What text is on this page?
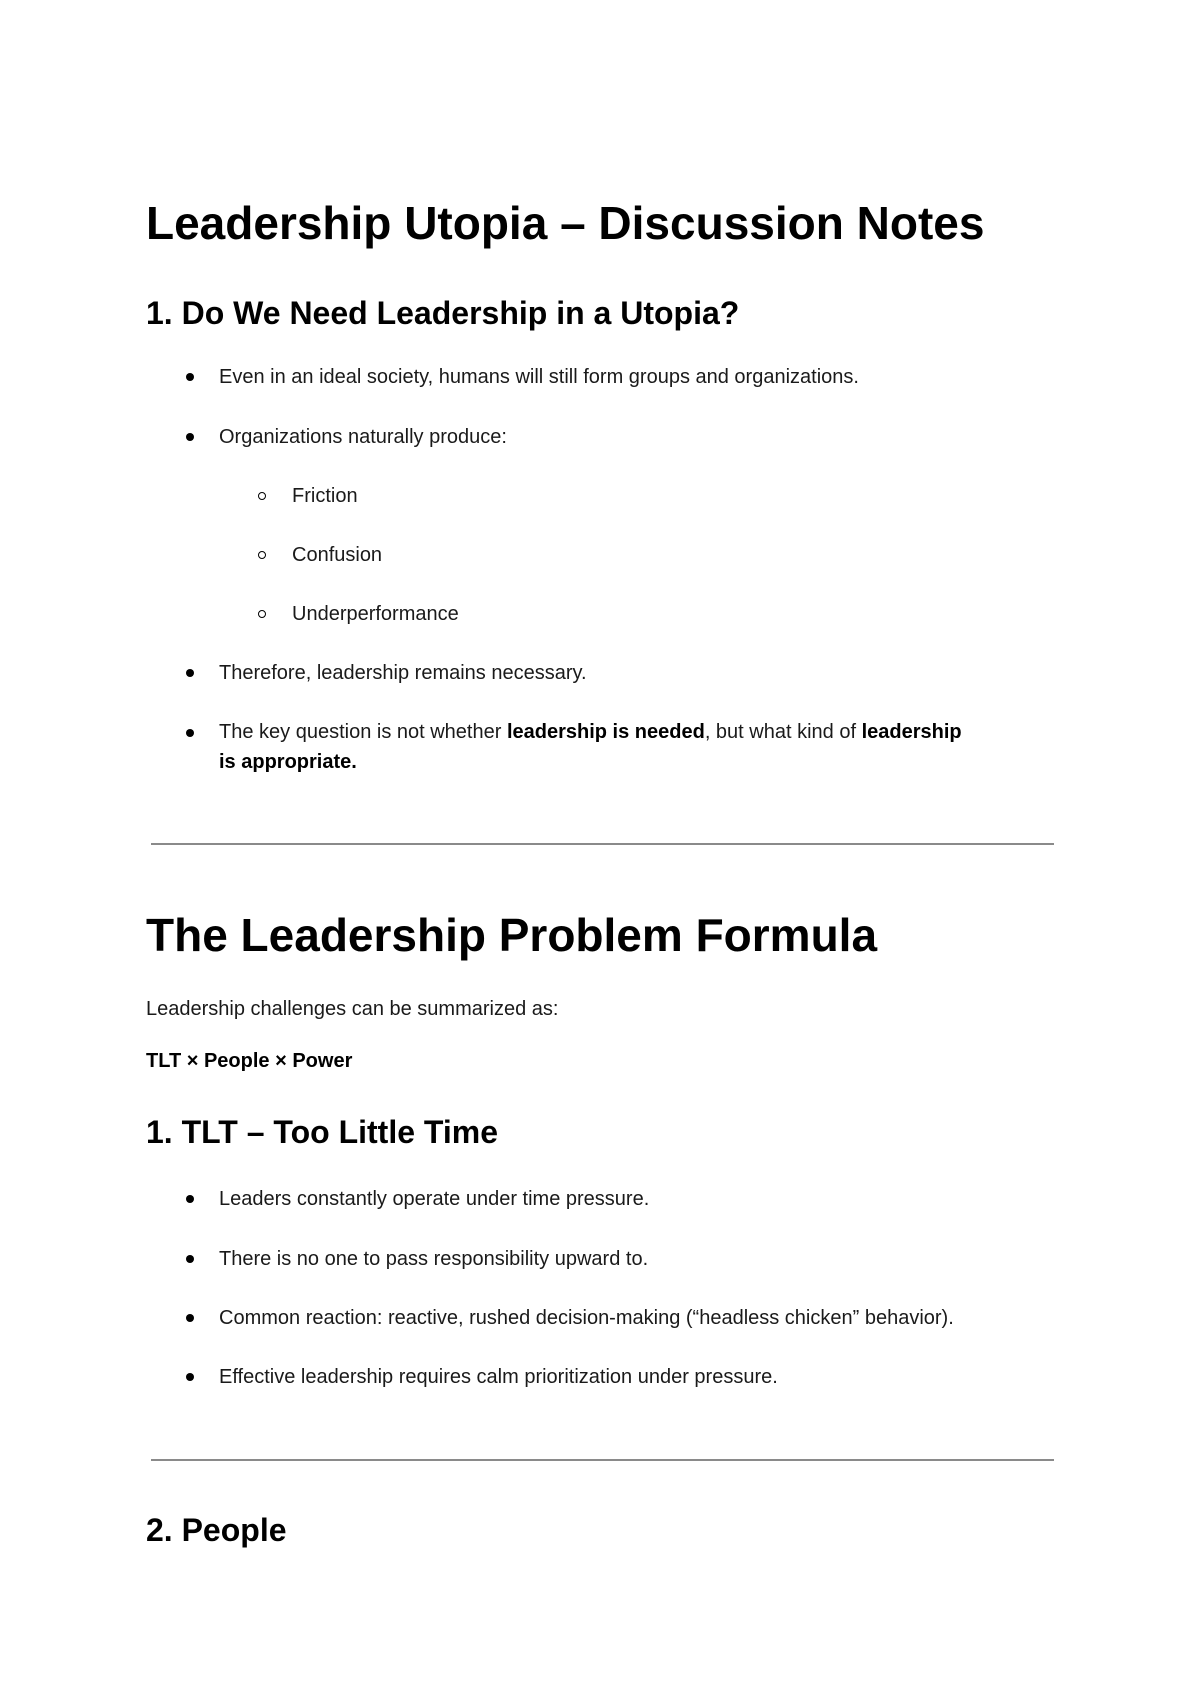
Leadership Utopia – Discussion Notes
1. Do We Need Leadership in a Utopia?
Even in an ideal society, humans will still form groups and organizations.
Organizations naturally produce:
Friction
Confusion
Underperformance
Therefore, leadership remains necessary.
The key question is not whether leadership is needed, but what kind of leadership
is appropriate.
The Leadership Problem Formula
Leadership challenges can be summarized as:
TLT × People × Power
1. TLT – Too Little Time
Leaders constantly operate under time pressure.
There is no one to pass responsibility upward to.
Common reaction: reactive, rushed decision-making (“headless chicken” behavior).
Effective leadership requires calm prioritization under pressure.
2. People
